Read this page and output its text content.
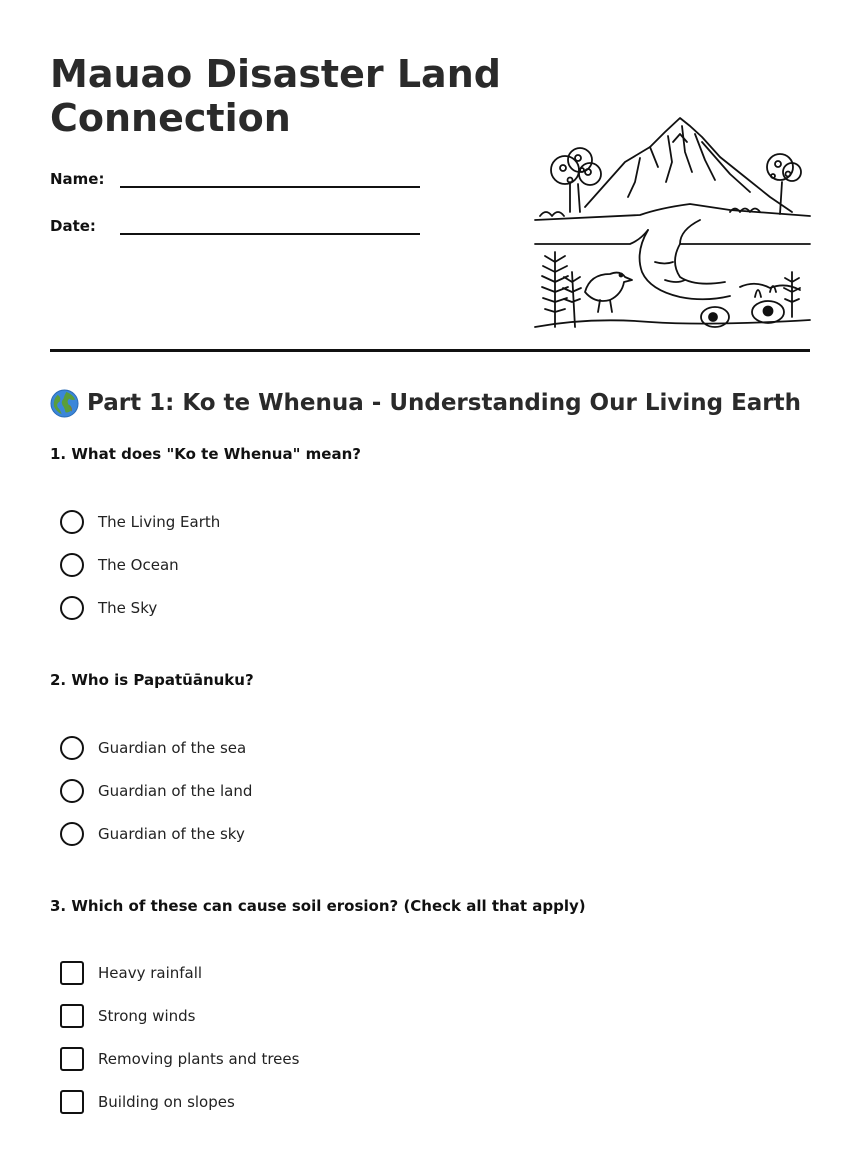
Mauao Disaster Land
Connection
Name:
Date:
Part 1: Ko te Whenua - Understanding Our Living Earth

1. What does "Ko te Whenua" mean?

The Living Earth
The Ocean
The Sky

2. Who is Papatūānuku?

Guardian of the sea
Guardian of the land
Guardian of the sky

3. Which of these can cause soil erosion? (Check all that apply)

Heavy rainfall
Strong winds
Removing plants and trees
Building on slopes
